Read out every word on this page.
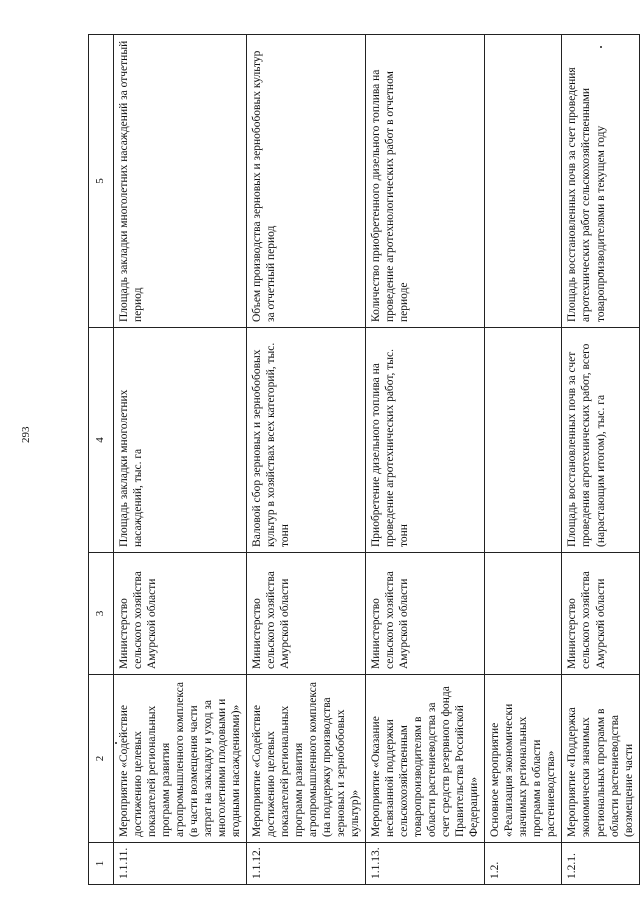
293
1	2	3	4	5
1.1.11.	Мероприятие «Содействие достижению целевых показателей региональных программ развития агропромышленного комплекса (в части возмещения части затрат на закладку и уход за многолетними плодовыми и ягодными насаждениями)»	Министерство сельского хозяйства Амурской области	Площадь закладки многолетних насаждений, тыс. га	Площадь закладки многолетних насаждений за отчетный период
1.1.12.	Мероприятие «Содействие достижению целевых показателей региональных программ развития агропромышленного комплекса (на поддержку производства зерновых и зернобобовых культур)»	Министерство сельского хозяйства Амурской области	Валовой сбор зерновых и зернобобовых культур в хозяйствах всех категорий, тыс. тонн	Объем производства зерновых и зернобобовых культур за отчетный период
1.1.13.	Мероприятие «Оказание несвязанной поддержки сельскохозяйственным товаропроизводителям в области растениеводства за счет средств резервного фонда Правительства Российской Федерации»	Министерство сельского хозяйства Амурской области	Приобретение дизельного топлива на проведение агротехнических работ, тыс. тонн	Количество приобретенного дизельного топлива на проведение агротехнологических работ в отчетном периоде
1.2.	Основное мероприятие «Реализация экономически значимых региональных программ в области растениеводства»			
1.2.1.	Мероприятие «Поддержка экономически значимых региональных программ в области растениеводства (возмещение части	Министерство сельского хозяйства Амурской области	Площадь восстановленных почв за счет проведения агротехнических работ, всего (нарастающим итогом), тыс. га	Площадь восстановленных почв за счет проведения агротехнических работ сельскохозяйственными товаропроизводителями в текущем году
